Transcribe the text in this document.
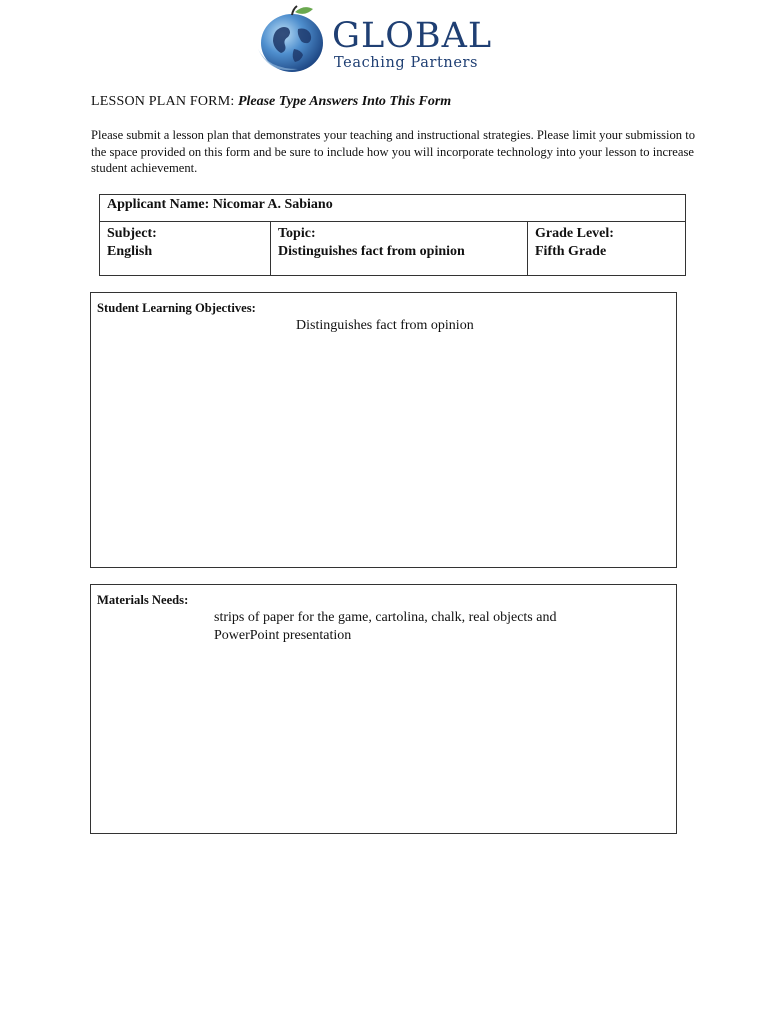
GLOBAL
Teaching Partners
LESSON PLAN FORM: Please Type Answers Into This Form
Please submit a lesson plan that demonstrates your teaching and instructional strategies. Please limit your submission to the space provided on this form and be sure to include how you will incorporate technology into your lesson to increase student achievement.
Applicant Name: Nicomar A. Sabiano

Subject:
English

Topic:
Distinguishes fact from opinion

Grade Level:
Fifth Grade
Student Learning Objectives:
Distinguishes fact from opinion
Materials Needs:
strips of paper for the game, cartolina, chalk, real objects and PowerPoint presentation
